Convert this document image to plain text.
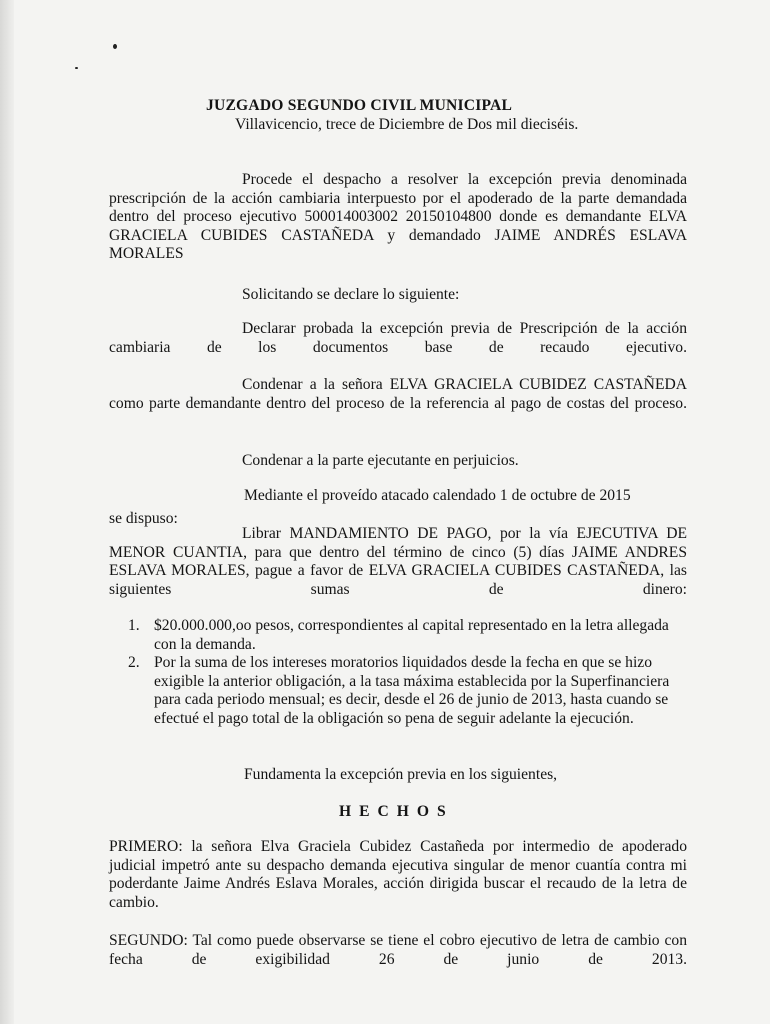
JUZGADO SEGUNDO CIVIL MUNICIPAL
Villavicencio, trece de Diciembre de Dos mil dieciséis.
Procede el despacho a resolver la excepción previa denominada prescripción de la acción cambiaria interpuesto por el apoderado de la parte demandada dentro del proceso ejecutivo 500014003002 20150104800 donde es demandante ELVA GRACIELA CUBIDES CASTAÑEDA y demandado JAIME ANDRÉS ESLAVA MORALES
Solicitando se declare lo siguiente:
Declarar probada la excepción previa de Prescripción de la acción cambiaria de los documentos base de recaudo ejecutivo.
Condenar a la señora ELVA GRACIELA CUBIDEZ CASTAÑEDA como parte demandante dentro del proceso de la referencia al pago de costas del proceso.
Condenar a la parte ejecutante en perjuicios.
Mediante el proveído atacado calendado 1 de octubre de 2015
se dispuso:
Librar MANDAMIENTO DE PAGO, por la vía EJECUTIVA DE MENOR CUANTIA, para que dentro del término de cinco (5) días JAIME ANDRES ESLAVA MORALES, pague a favor de ELVA GRACIELA CUBIDES CASTAÑEDA, las siguientes sumas de dinero:
1. $20.000.000,oo pesos, correspondientes al capital representado en la letra allegada con la demanda.
2. Por la suma de los intereses moratorios liquidados desde la fecha en que se hizo exigible la anterior obligación, a la tasa máxima establecida por la Superfinanciera para cada periodo mensual; es decir, desde el 26 de junio de 2013, hasta cuando se efectué el pago total de la obligación so pena de seguir adelante la ejecución.
Fundamenta la excepción previa en los siguientes,
HECHOS
PRIMERO: la señora Elva Graciela Cubidez Castañeda por intermedio de apoderado judicial impetró ante su despacho demanda ejecutiva singular de menor cuantía contra mi poderdante Jaime Andrés Eslava Morales, acción dirigida buscar el recaudo de la letra de cambio.
SEGUNDO: Tal como puede observarse se tiene el cobro ejecutivo de letra de cambio con fecha de exigibilidad 26 de junio de 2013.
